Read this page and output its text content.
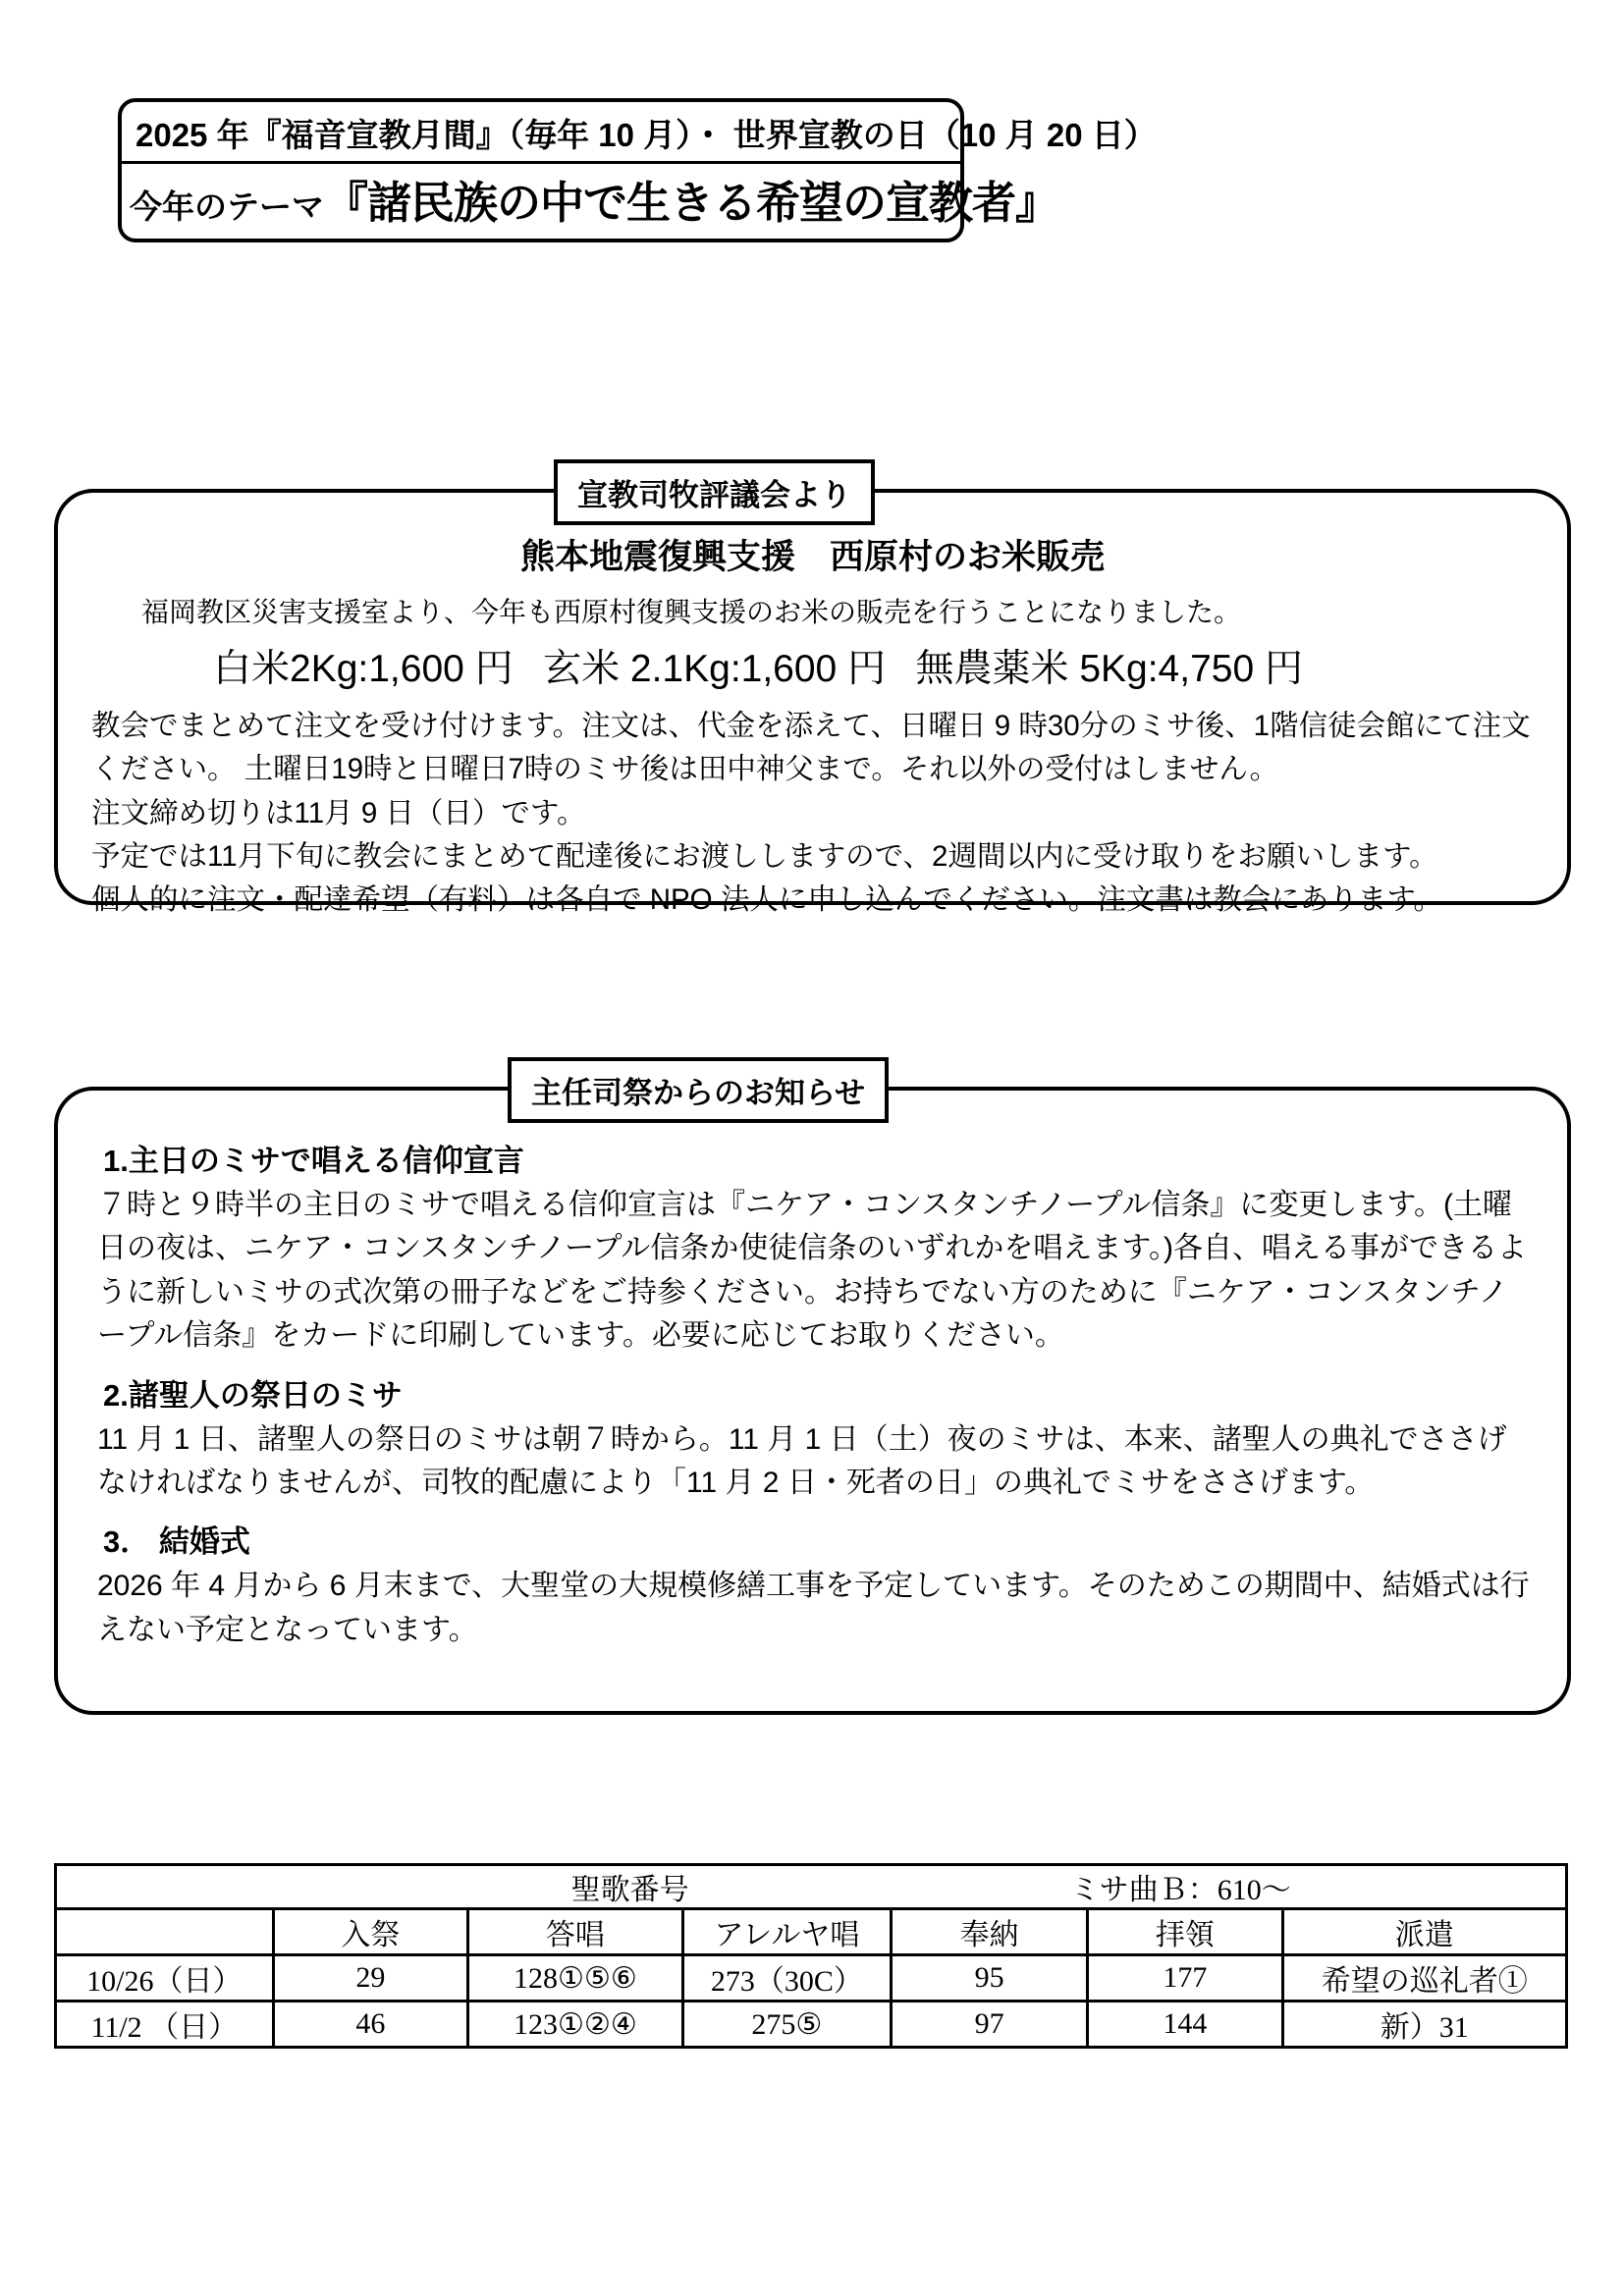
2025 年『福音宣教月間』（毎年 10 月）・ 世界宣教の日（10 月 20 日）
今年のテーマ『諸民族の中で生きる希望の宣教者』
宣教司牧評議会より
熊本地震復興支援　西原村のお米販売
福岡教区災害支援室より、今年も西原村復興支援のお米の販売を行うことになりました。
白米2Kg:1,600 円 玄米 2.1Kg:1,600 円 無農薬米 5Kg:4,750 円

教会でまとめて注文を受け付けます。注文は、代金を添えて、日曜日 9 時30分のミサ後、1階信徒会館にて注文ください。 土曜日19時と日曜日7時のミサ後は田中神父まで。それ以外の受付はしません。

注文締め切りは11月 9 日（日）です。

予定では11月下旬に教会にまとめて配達後にお渡ししますので、2週間以内に受け取りをお願いします。

個人的に注文・配達希望（有料）は各自で NPO 法人に申し込んでください。注文書は教会にあります。

主任司祭からのお知らせ

1.主日のミサで唱える信仰宣言

７時と９時半の主日のミサで唱える信仰宣言は『ニケア・コンスタンチノープル信条』に変更します。(土曜日の夜は、ニケア・コンスタンチノープル信条か使徒信条のいずれかを唱えます。)各自、唱える事ができるように新しいミサの式次第の冊子などをご持参ください。お持ちでない方のために『ニケア・コンスタンチノープル信条』をカードに印刷しています。必要に応じてお取りください。

2.諸聖人の祭日のミサ

11 月 1 日、諸聖人の祭日のミサは朝７時から。11 月 1 日（土）夜のミサは、本来、諸聖人の典礼でささげなければなりませんが、司牧的配慮により「11 月 2 日・死者の日」の典礼でミサをささげます。

3． 結婚式

2026 年 4 月から 6 月末まで、大聖堂の大規模修繕工事を予定しています。そのためこの期間中、結婚式は行えない予定となっています。

聖歌番号 ミサ曲Ｂ：610～						

	入祭	答唱	アレルヤ唱	奉納	拝領	派遣
10/26（日）	29	128①⑤⑥	273（30C）	95	177	希望の巡礼者①
11/2 （日）	46	123①②④	275⑤	97	144	新）31
